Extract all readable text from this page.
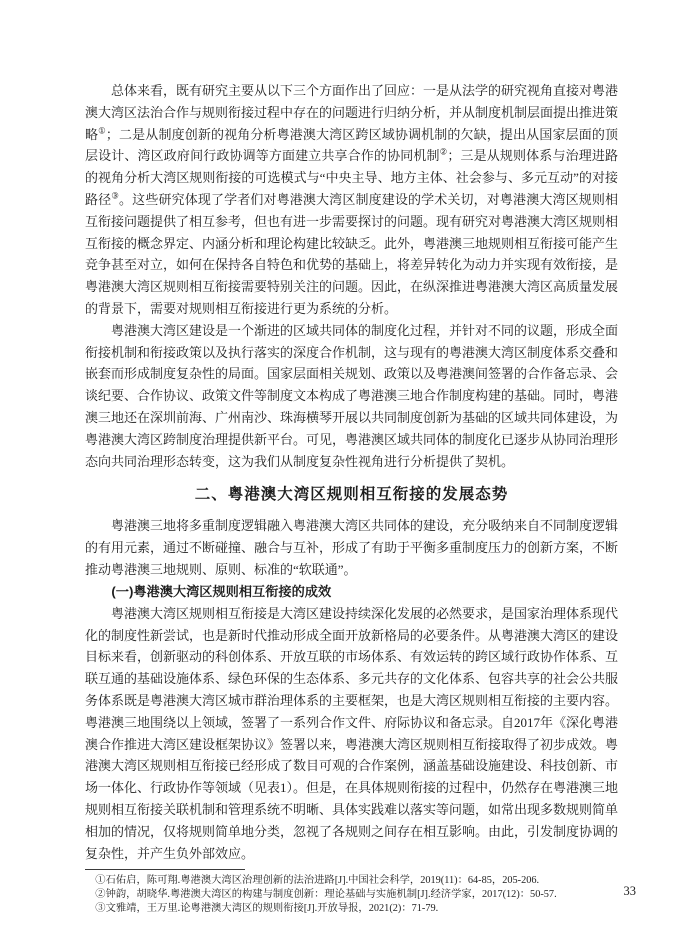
总体来看，既有研究主要从以下三个方面作出了回应：一是从法学的研究视角直接对粤港澳大湾区法治合作与规则衔接过程中存在的问题进行归纳分析，并从制度机制层面提出推进策略①；二是从制度创新的视角分析粤港澳大湾区跨区域协调机制的欠缺，提出从国家层面的顶层设计、湾区政府间行政协调等方面建立共享合作的协同机制②；三是从规则体系与治理进路的视角分析大湾区规则衔接的可选模式与“中央主导、地方主体、社会参与、多元互动”的对接路径③。这些研究体现了学者们对粤港澳大湾区制度建设的学术关切，对粤港澳大湾区规则相互衔接问题提供了相互参考，但也有进一步需要探讨的问题。现有研究对粤港澳大湾区规则相互衔接的概念界定、内涵分析和理论构建比较缺乏。此外，粤港澳三地规则相互衔接可能产生竞争甚至对立，如何在保持各自特色和优势的基础上，将差异转化为动力并实现有效衔接，是粤港澳大湾区规则相互衔接需要特别关注的问题。因此，在纵深推进粤港澳大湾区高质量发展的背景下，需要对规则相互衔接进行更为系统的分析。

粤港澳大湾区建设是一个渐进的区域共同体的制度化过程，并针对不同的议题，形成全面衔接机制和衔接政策以及执行落实的深度合作机制，这与现有的粤港澳大湾区制度体系交叠和嵌套而形成制度复杂性的局面。国家层面相关规划、政策以及粤港澳间签署的合作备忘录、会谈纪要、合作协议、政策文件等制度文本构成了粤港澳三地合作制度构建的基础。同时，粤港澳三地还在深圳前海、广州南沙、珠海横琴开展以共同制度创新为基础的区域共同体建设，为粤港澳大湾区跨制度治理提供新平台。可见，粤港澳区域共同体的制度化已逐步从协同治理形态向共同治理形态转变，这为我们从制度复杂性视角进行分析提供了契机。

二、粤港澳大湾区规则相互衔接的发展态势

粤港澳三地将多重制度逻辑融入粤港澳大湾区共同体的建设，充分吸纳来自不同制度逻辑的有用元素，通过不断碰撞、融合与互补，形成了有助于平衡多重制度压力的创新方案，不断推动粤港澳三地规则、原则、标准的“软联通”。

(一)粤港澳大湾区规则相互衔接的成效

粤港澳大湾区规则相互衔接是大湾区建设持续深化发展的必然要求，是国家治理体系现代化的制度性新尝试，也是新时代推动形成全面开放新格局的必要条件。从粤港澳大湾区的建设目标来看，创新驱动的科创体系、开放互联的市场体系、有效运转的跨区域行政协作体系、互联互通的基础设施体系、绿色环保的生态体系、多元共存的文化体系、包容共享的社会公共服务体系既是粤港澳大湾区城市群治理体系的主要框架，也是大湾区规则相互衔接的主要内容。粤港澳三地围绕以上领域，签署了一系列合作文件、府际协议和备忘录。自2017年《深化粤港澳合作推进大湾区建设框架协议》签署以来，粤港澳大湾区规则相互衔接取得了初步成效。粤港澳大湾区规则相互衔接已经形成了数目可观的合作案例，涵盖基础设施建设、科技创新、市场一体化、行政协作等领域（见表1）。但是，在具体规则衔接的过程中，仍然存在粤港澳三地规则相互衔接关联机制和管理系统不明晰、具体实践难以落实等问题，如常出现多数规则简单相加的情况，仅将规则简单地分类，忽视了各规则之间存在相互影响。由此，引发制度协调的复杂性，并产生负外部效应。

①石佑启，陈可翔.粤港澳大湾区治理创新的法治进路[J].中国社会科学，2019(11)：64-85，205-206.

②钟韵，胡晓华.粤港澳大湾区的构建与制度创新：理论基础与实施机制[J].经济学家，2017(12)：50-57.

③文雅靖，王万里.论粤港澳大湾区的规则衔接[J].开放导报，2021(2)：71-79.

33
